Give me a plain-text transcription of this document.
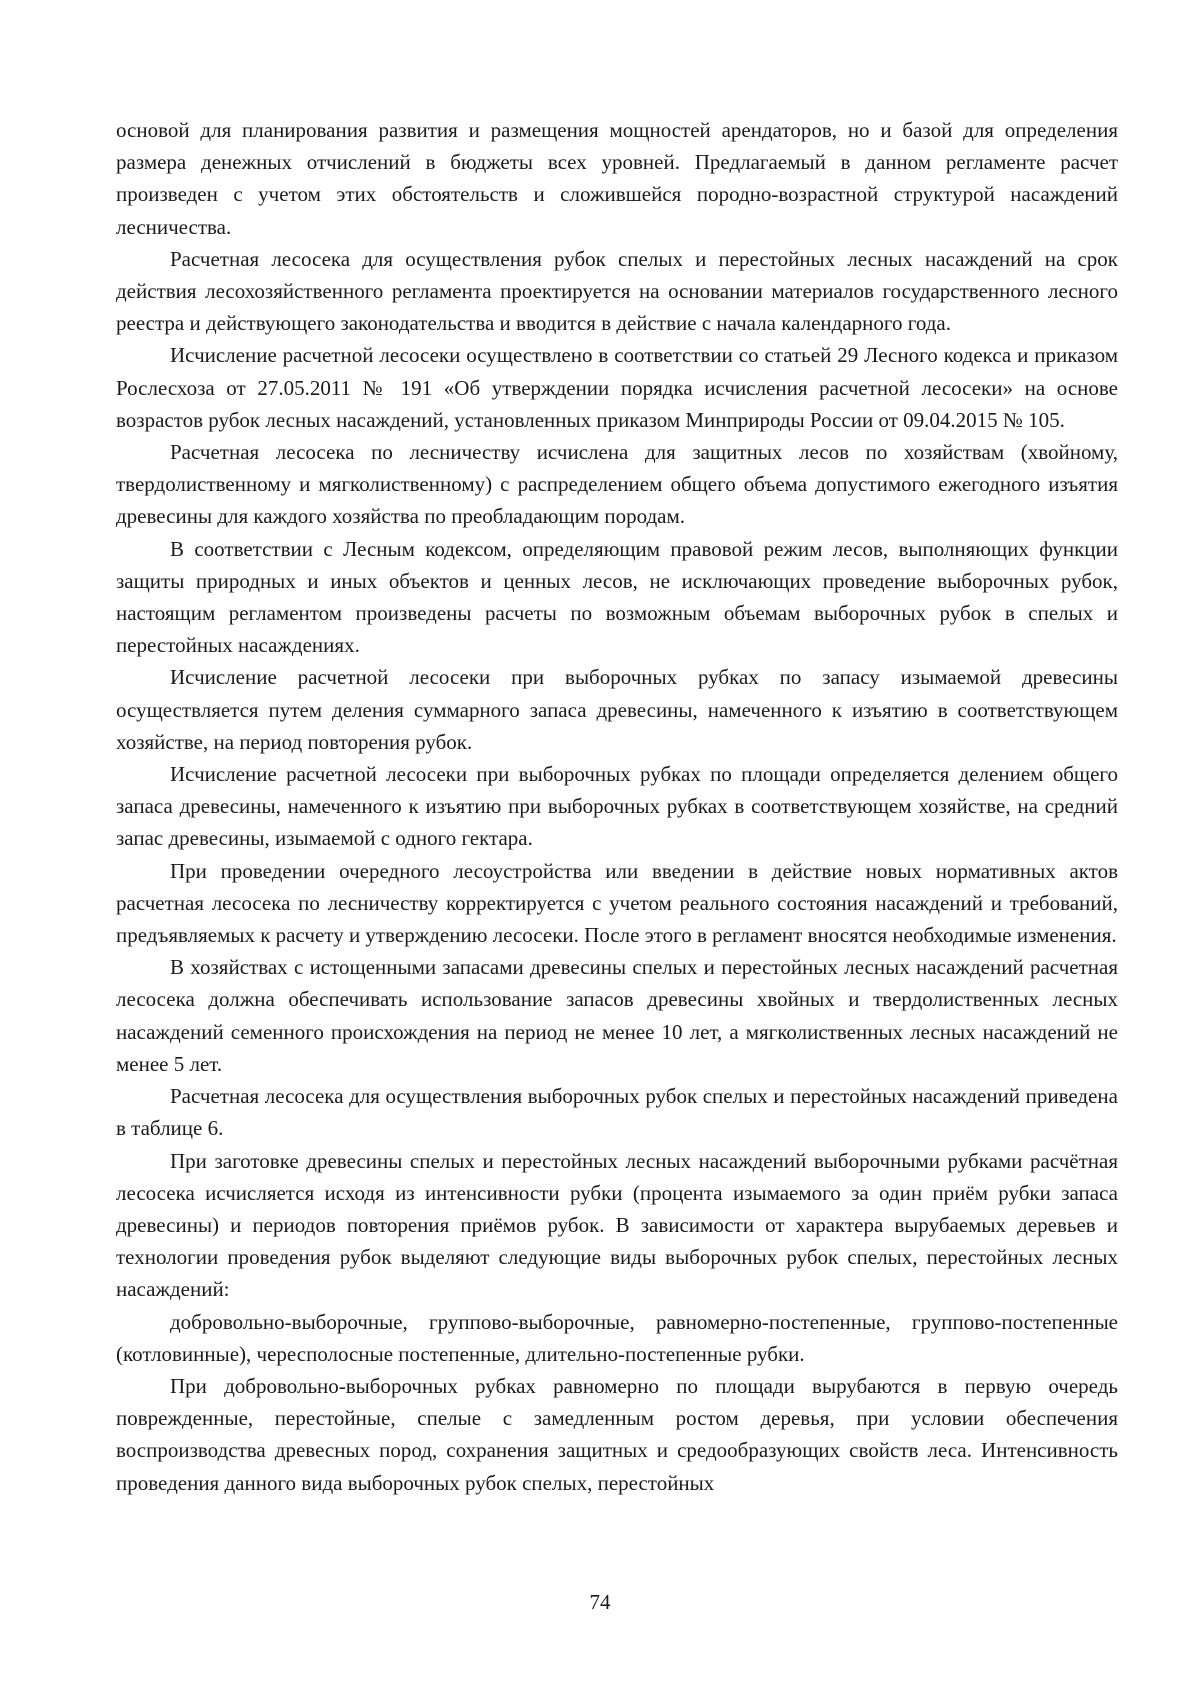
основой для планирования развития и размещения мощностей арендаторов, но и базой для определения размера денежных отчислений в бюджеты всех уровней. Предлагаемый в данном регламенте расчет произведен с учетом этих обстоятельств и сложившейся породно-возрастной структурой насаждений лесничества.

Расчетная лесосека для осуществления рубок спелых и перестойных лесных насаждений на срок действия лесохозяйственного регламента проектируется на основании материалов государственного лесного реестра и действующего законодательства и вводится в действие с начала календарного года.

Исчисление расчетной лесосеки осуществлено в соответствии со статьей 29 Лесного кодекса и приказом Рослесхоза от 27.05.2011 № 191 «Об утверждении порядка исчисления расчетной лесосеки» на основе возрастов рубок лесных насаждений, установленных приказом Минприроды России от 09.04.2015 № 105.

Расчетная лесосека по лесничеству исчислена для защитных лесов по хозяйствам (хвойному, твердолиственному и мягколиственному) с распределением общего объема допустимого ежегодного изъятия древесины для каждого хозяйства по преобладающим породам.

В соответствии с Лесным кодексом, определяющим правовой режим лесов, выполняющих функции защиты природных и иных объектов и ценных лесов, не исключающих проведение выборочных рубок, настоящим регламентом произведены расчеты по возможным объемам выборочных рубок в спелых и перестойных насаждениях.

Исчисление расчетной лесосеки при выборочных рубках по запасу изымаемой древесины осуществляется путем деления суммарного запаса древесины, намеченного к изъятию в соответствующем хозяйстве, на период повторения рубок.

Исчисление расчетной лесосеки при выборочных рубках по площади определяется делением общего запаса древесины, намеченного к изъятию при выборочных рубках в соответствующем хозяйстве, на средний запас древесины, изымаемой с одного гектара.

При проведении очередного лесоустройства или введении в действие новых нормативных актов расчетная лесосека по лесничеству корректируется с учетом реального состояния насаждений и требований, предъявляемых к расчету и утверждению лесосеки. После этого в регламент вносятся необходимые изменения.

В хозяйствах с истощенными запасами древесины спелых и перестойных лесных насаждений расчетная лесосека должна обеспечивать использование запасов древесины хвойных и твердолиственных лесных насаждений семенного происхождения на период не менее 10 лет, а мягколиственных лесных насаждений не менее 5 лет.

Расчетная лесосека для осуществления выборочных рубок спелых и перестойных насаждений приведена в таблице 6.

При заготовке древесины спелых и перестойных лесных насаждений выборочными рубками расчётная лесосека исчисляется исходя из интенсивности рубки (процента изымаемого за один приём рубки запаса древесины) и периодов повторения приёмов рубок. В зависимости от характера вырубаемых деревьев и технологии проведения рубок выделяют следующие виды выборочных рубок спелых, перестойных лесных насаждений:

добровольно-выборочные, группово-выборочные, равномерно-постепенные, группово-постепенные (котловинные), чересполосные постепенные, длительно-постепенные рубки.

При добровольно-выборочных рубках равномерно по площади вырубаются в первую очередь поврежденные, перестойные, спелые с замедленным ростом деревья, при условии обеспечения воспроизводства древесных пород, сохранения защитных и средообразующих свойств леса. Интенсивность проведения данного вида выборочных рубок спелых, перестойных

74
